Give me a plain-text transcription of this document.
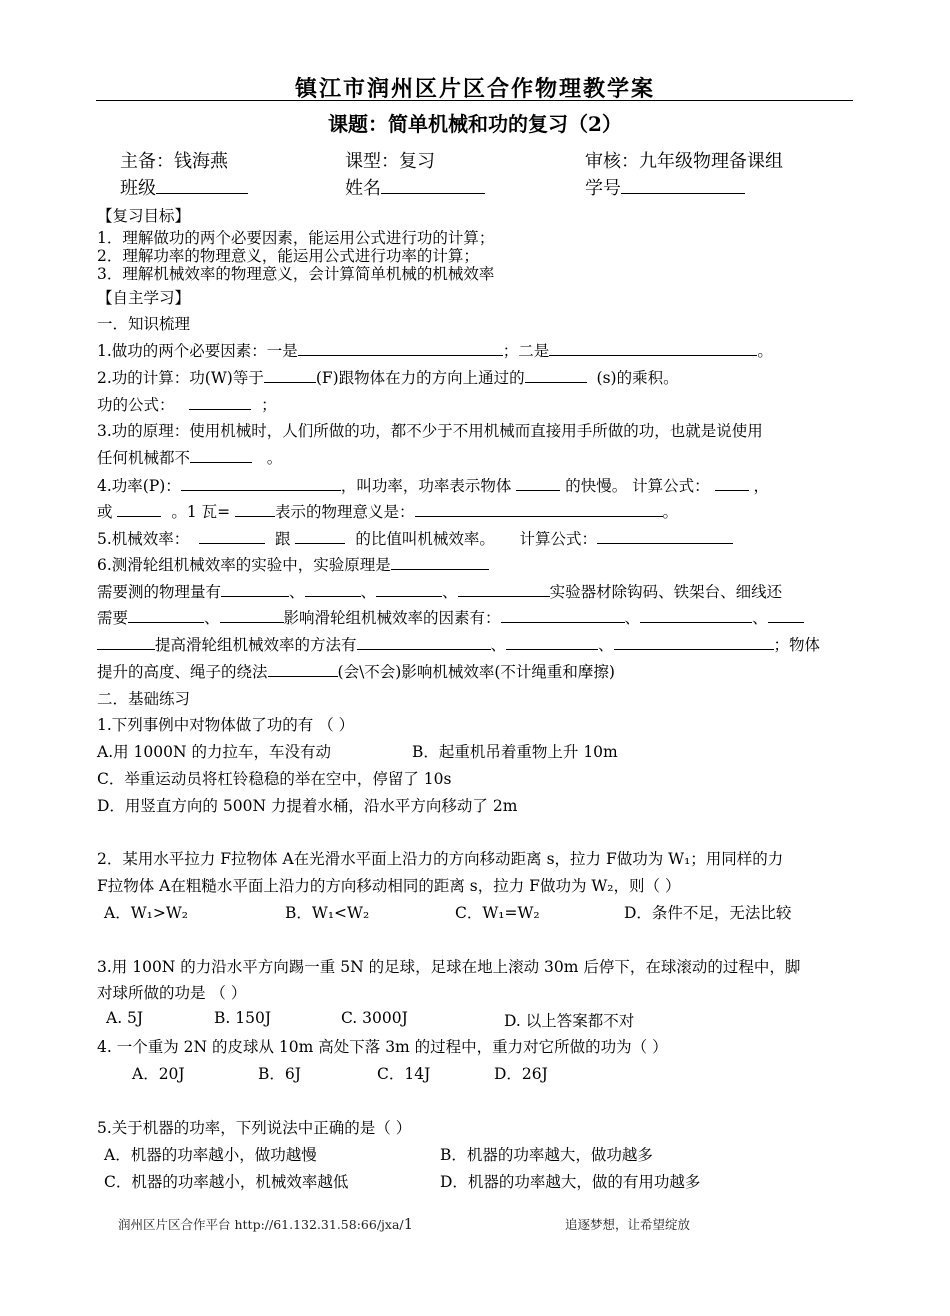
镇江市润州区片区合作物理教学案
课题：简单机械和功的复习（2）
主备：钱海燕	课型：复习	审核：九年级物理备课组
班级	姓名	学号
【复习目标】
1．理解做功的两个必要因素，能运用公式进行功的计算；
2．理解功率的物理意义，能运用公式进行功率的计算；
3．理解机械效率的物理意义，会计算简单机械的机械效率
【自主学习】
一．知识梳理
1.做功的两个必要因素：一是	；二是	。
2.功的计算：功(W)等于	(F)跟物体在力的方向上通过的	(s)的乘积。
功的公式：	；
3.功的原理：使用机械时，人们所做的功，都不少于不用机械而直接用手所做的功，也就是说使用
任何机械都不	。
4.功率(P)：	，叫功率，功率表示物体	的快慢。 计算公式：	，
或	。1 瓦=	表示的物理意义是：	。
5.机械效率：	跟	的比值叫机械效率。 计算公式：
6.测滑轮组机械效率的实验中，实验原理是
需要测的物理量有	、	、	、	实验器材除钩码、铁架台、细线还
需要	、	影响滑轮组机械效率的因素有：	、	、
提高滑轮组机械效率的方法有	、	、	；物体
提升的高度、绳子的绕法	(会\不会)影响机械效率(不计绳重和摩擦)
二．基础练习
1.下列事例中对物体做了功的有 （ ）
A.用 1000N 的力拉车，车没有动	B．起重机吊着重物上升 10m
C．举重运动员将杠铃稳稳的举在空中，停留了 10s
D．用竖直方向的 500N 力提着水桶，沿水平方向移动了 2m
2．某用水平拉力 F拉物体 A在光滑水平面上沿力的方向移动距离 s，拉力 F做功为 W₁；用同样的力
F拉物体 A在粗糙水平面上沿力的方向移动相同的距离 s，拉力 F做功为 W₂，则（ ）
A．W₁>W₂	B．W₁<W₂	C．W₁=W₂	D．条件不足，无法比较
3.用 100N 的力沿水平方向踢一重 5N 的足球，足球在地上滚动 30m 后停下，在球滚动的过程中，脚
对球所做的功是 （ ）
A. 5J	B. 150J	C. 3000J	D. 以上答案都不对
4. 一个重为 2N 的皮球从 10m 高处下落 3m 的过程中，重力对它所做的功为（ ）
A．20J	B．6J	C．14J	D．26J
5.关于机器的功率，下列说法中正确的是（ ）
A．机器的功率越小，做功越慢	B．机器的功率越大，做功越多
C．机器的功率越小，机械效率越低	D．机器的功率越大，做的有用功越多
润州区片区合作平台 http://61.132.31.58:66/jxa/1	追逐梦想，让希望绽放
